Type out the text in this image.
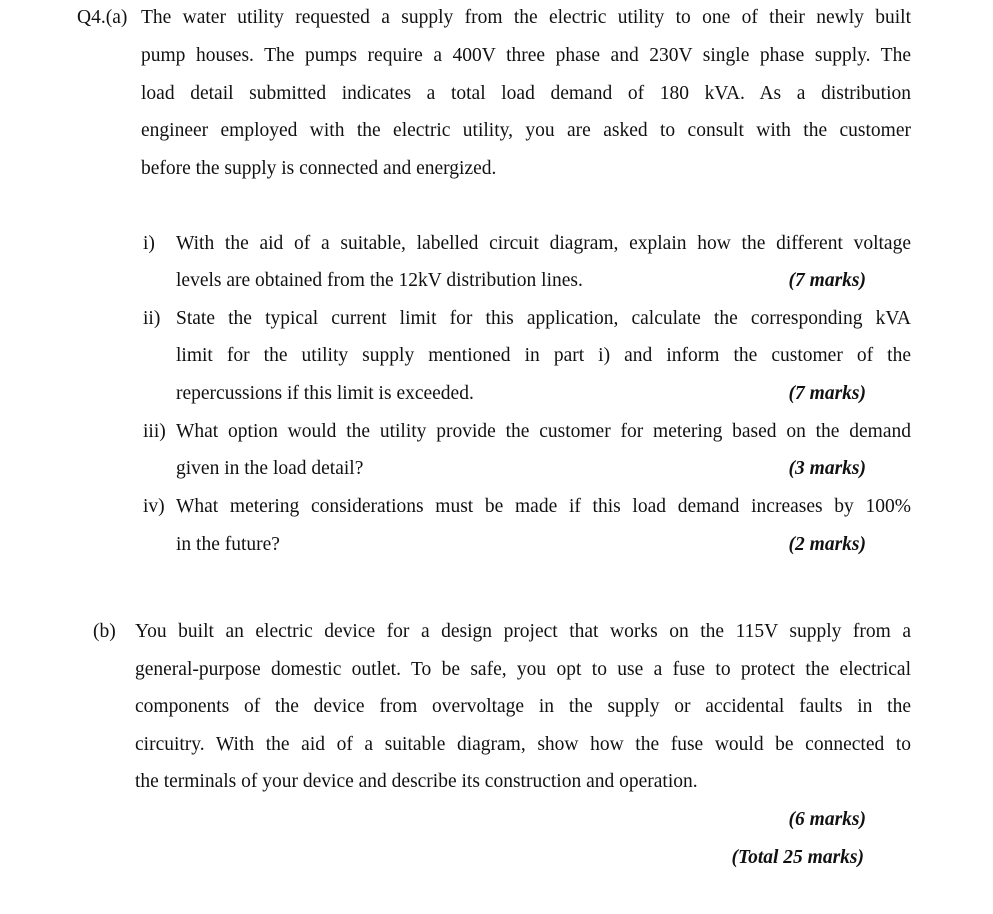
Q4.(a) The water utility requested a supply from the electric utility to one of their newly built
pump houses. The pumps require a 400V three phase and 230V single phase supply. The
load detail submitted indicates a total load demand of 180 kVA. As a distribution
engineer employed with the electric utility, you are asked to consult with the customer
before the supply is connected and energized.
i) With the aid of a suitable, labelled circuit diagram, explain how the different voltage
levels are obtained from the 12kV distribution lines.	(7 marks)
ii) State the typical current limit for this application, calculate the corresponding kVA
limit for the utility supply mentioned in part i) and inform the customer of the
repercussions if this limit is exceeded.	(7 marks)
iii) What option would the utility provide the customer for metering based on the demand
given in the load detail?	(3 marks)
iv) What metering considerations must be made if this load demand increases by 100%
in the future?	(2 marks)
(b) You built an electric device for a design project that works on the 115V supply from a
general-purpose domestic outlet. To be safe, you opt to use a fuse to protect the electrical
components of the device from overvoltage in the supply or accidental faults in the
circuitry. With the aid of a suitable diagram, show how the fuse would be connected to
the terminals of your device and describe its construction and operation.
(6 marks)
(Total 25 marks)
